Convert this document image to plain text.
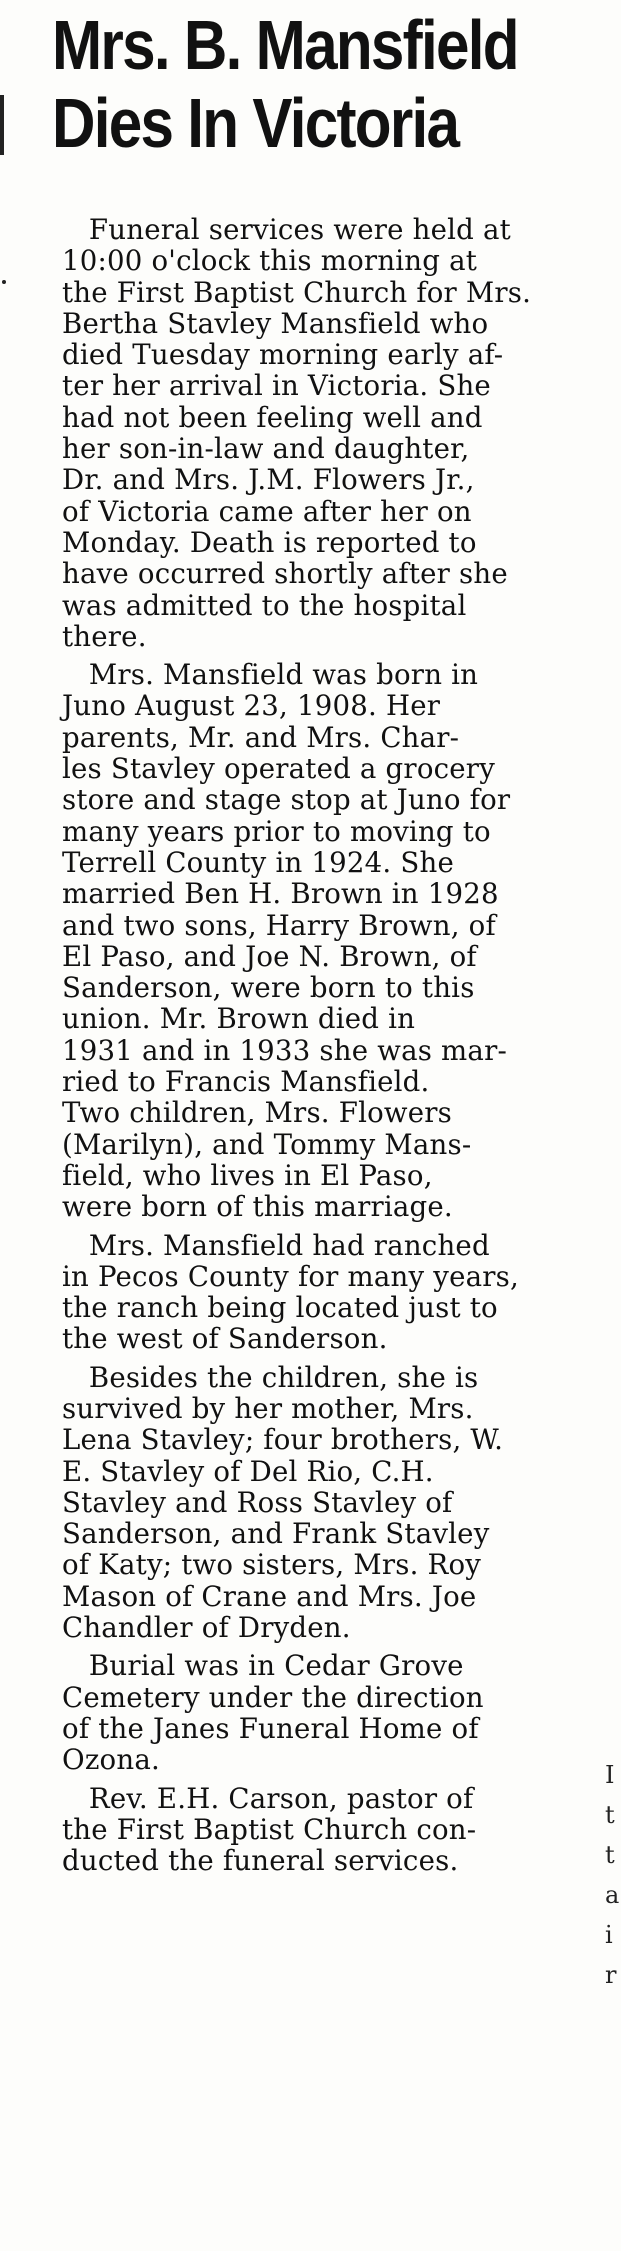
Mrs. B. Mansfield
Dies In Victoria
Funeral services were held at
10:00 o'clock this morning at
the First Baptist Church for Mrs.
Bertha Stavley Mansfield who
died Tuesday morning early af-
ter her arrival in Victoria. She
had not been feeling well and
her son-in-law and daughter,
Dr. and Mrs. J.M. Flowers Jr.,
of Victoria came after her on
Monday. Death is reported to
have occurred shortly after she
was admitted to the hospital
there.
Mrs. Mansfield was born in
Juno August 23, 1908. Her
parents, Mr. and Mrs. Char-
les Stavley operated a grocery
store and stage stop at Juno for
many years prior to moving to
Terrell County in 1924. She
married Ben H. Brown in 1928
and two sons, Harry Brown, of
El Paso, and Joe N. Brown, of
Sanderson, were born to this
union. Mr. Brown died in
1931 and in 1933 she was mar-
ried to Francis Mansfield.
Two children, Mrs. Flowers
(Marilyn), and Tommy Mans-
field, who lives in El Paso,
were born of this marriage.
Mrs. Mansfield had ranched
in Pecos County for many years,
the ranch being located just to
the west of Sanderson.
Besides the children, she is
survived by her mother, Mrs.
Lena Stavley; four brothers, W.
E. Stavley of Del Rio, C.H.
Stavley and Ross Stavley of
Sanderson, and Frank Stavley
of Katy; two sisters, Mrs. Roy
Mason of Crane and Mrs. Joe
Chandler of Dryden.
Burial was in Cedar Grove
Cemetery under the direction
of the Janes Funeral Home of
Ozona.
Rev. E.H. Carson, pastor of
the First Baptist Church con-
ducted the funeral services.
I
t
t
a
i
r
